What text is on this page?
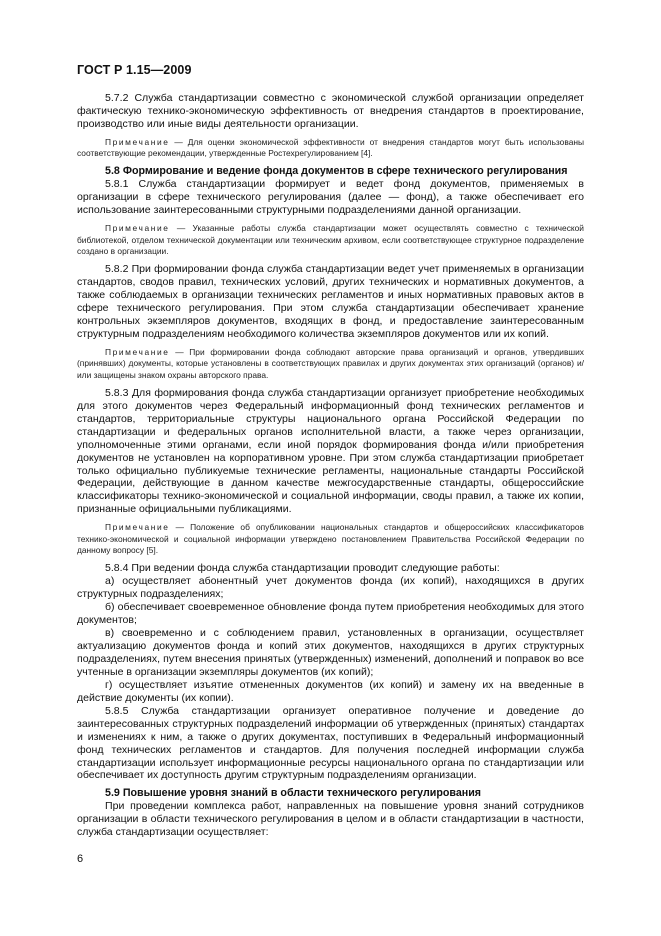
ГОСТ Р 1.15—2009

5.7.2 Служба стандартизации совместно с экономической службой организации определяет фактическую технико-экономическую эффективность от внедрения стандартов в проектирование, производство или иные виды деятельности организации.

Примечание — Для оценки экономической эффективности от внедрения стандартов могут быть использованы соответствующие рекомендации, утвержденные Ростехрегулированием [4].

5.8 Формирование и ведение фонда документов в сфере технического регулирования

5.8.1 Служба стандартизации формирует и ведет фонд документов, применяемых в организации в сфере технического регулирования (далее — фонд), а также обеспечивает его использование заинтересованными структурными подразделениями данной организации.

Примечание — Указанные работы служба стандартизации может осуществлять совместно с технической библиотекой, отделом технической документации или техническим архивом, если соответствующее структурное подразделение создано в организации.

5.8.2 При формировании фонда служба стандартизации ведет учет применяемых в организации стандартов, сводов правил, технических условий, других технических и нормативных документов, а также соблюдаемых в организации технических регламентов и иных нормативных правовых актов в сфере технического регулирования. При этом служба стандартизации обеспечивает хранение контрольных экземпляров документов, входящих в фонд, и предоставление заинтересованным структурным подразделениям необходимого количества экземпляров документов или их копий.

Примечание — При формировании фонда соблюдают авторские права организаций и органов, утвердивших (принявших) документы, которые установлены в соответствующих правилах и других документах этих организаций (органов) и/или защищены знаком охраны авторского права.

5.8.3 Для формирования фонда служба стандартизации организует приобретение необходимых для этого документов через Федеральный информационный фонд технических регламентов и стандартов, территориальные структуры национального органа Российской Федерации по стандартизации и федеральных органов исполнительной власти, а также через организации, уполномоченные этими органами, если иной порядок формирования фонда и/или приобретения документов не установлен на корпоративном уровне. При этом служба стандартизации приобретает только официально публикуемые технические регламенты, национальные стандарты Российской Федерации, действующие в данном качестве межгосударственные стандарты, общероссийские классификаторы технико-экономической и социальной информации, своды правил, а также их копии, признанные официальными публикациями.

Примечание — Положение об опубликовании национальных стандартов и общероссийских классификаторов технико-экономической и социальной информации утверждено постановлением Правительства Российской Федерации по данному вопросу [5].

5.8.4 При ведении фонда служба стандартизации проводит следующие работы:

а) осуществляет абонентный учет документов фонда (их копий), находящихся в других структурных подразделениях;

б) обеспечивает своевременное обновление фонда путем приобретения необходимых для этого документов;

в) своевременно и с соблюдением правил, установленных в организации, осуществляет актуализацию документов фонда и копий этих документов, находящихся в других структурных подразделениях, путем внесения принятых (утвержденных) изменений, дополнений и поправок во все учтенные в организации экземпляры документов (их копий);

г) осуществляет изъятие отмененных документов (их копий) и замену их на введенные в действие документы (их копии).

5.8.5 Служба стандартизации организует оперативное получение и доведение до заинтересованных структурных подразделений информации об утвержденных (принятых) стандартах и изменениях к ним, а также о других документах, поступивших в Федеральный информационный фонд технических регламентов и стандартов. Для получения последней информации служба стандартизации использует информационные ресурсы национального органа по стандартизации или обеспечивает их доступность другим структурным подразделениям организации.

5.9 Повышение уровня знаний в области технического регулирования

При проведении комплекса работ, направленных на повышение уровня знаний сотрудников организации в области технического регулирования в целом и в области стандартизации в частности, служба стандартизации осуществляет:

6
